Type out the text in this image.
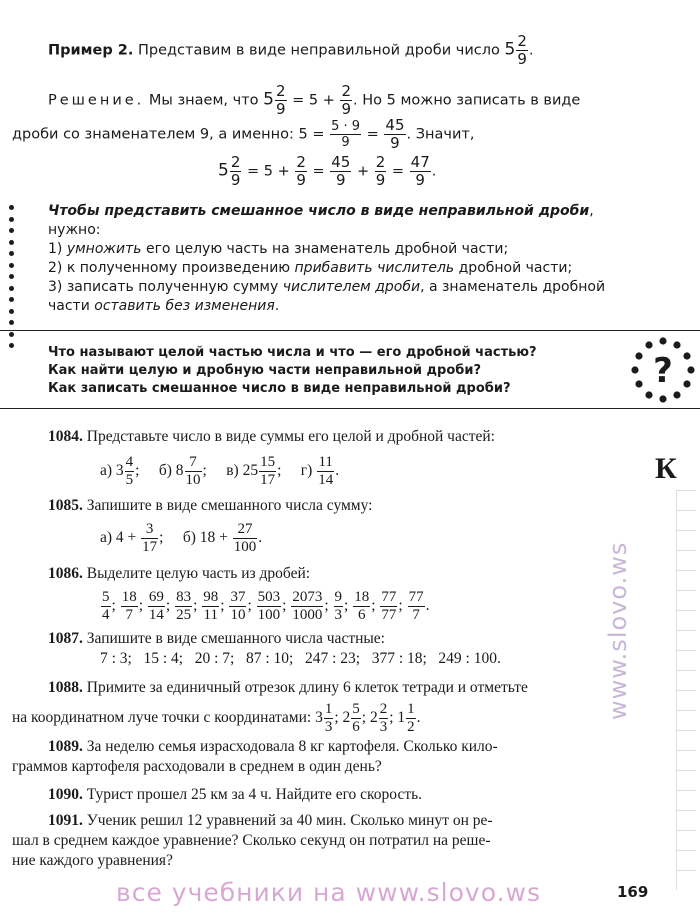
Пример 2. Представим в виде неправильной дроби число $5 \frac{2}{9}$ .
Решение. Мы знаем, что $5 \frac{2}{9} = 5 + \frac{2}{9}$ . Но 5 можно записать в виде
дроби со знаменателем 9, а именно: $5 = \frac{5 \cdot 9}{9} = \frac{45}{9}$ . Значит,
$5 \frac{2}{9} = 5 + \frac{2}{9} = \frac{45}{9} + \frac{2}{9} = \frac{47}{9}$ .
Чтобы представить смешанное число в виде неправильной дроби,
нужно:
1) умножить его целую часть на знаменатель дробной части;
2) к полученному произведению прибавить числитель дробной части;
3) записать полученную сумму числителем дроби, а знаменатель дробной
части оставить без изменения.
Что называют целой частью числа и что — его дробной частью?
Как найти целую и дробную части неправильной дроби?
Как записать смешанное число в виде неправильной дроби?	?
К
www.slovo.ws
1084. Представьте число в виде суммы его целой и дробной частей:
а) $3 \frac{4}{5}$ ;     б) $8 \frac{7}{10}$ ;     в) $25 \frac{15}{17}$ ;     $г) \frac{11}{14}$ .
1085. Запишите в виде смешанного числа сумму:
а) $4 + \frac{3}{17}$ ;     б) $18 + \frac{27}{100}$ .
1086. Выделите целую часть из дробей:
$\frac{5}{4}$ ; $\frac{18}{7}$ ; $\frac{69}{14}$ ; $\frac{83}{25}$ ; $\frac{98}{11}$ ; $\frac{37}{10}$ ; $\frac{503}{100}$ ; $\frac{2073}{1000}$ ; $\frac{9}{3}$ ; $\frac{18}{6}$ ; $\frac{77}{77}$ ; $\frac{77}{7}$ .
1087. Запишите в виде смешанного числа частные:
7 : 3;   15 : 4;   20 : 7;   87 : 10;   247 : 23;   377 : 18;   249 : 100.
1088. Примите за единичный отрезок длину 6 клеток тетради и отметьте
на координатном луче точки с координатами: $3 \frac{1}{3}$ ; $2 \frac{5}{6}$ ; $2 \frac{2}{3}$ ; $1 \frac{1}{2}$ .
1089. За неделю семья израсходовала 8 кг картофеля. Сколько кило-
граммов картофеля расходовали в среднем в один день?
1090. Турист прошел 25 км за 4 ч. Найдите его скорость.
1091. Ученик решил 12 уравнений за 40 мин. Сколько минут он ре-
шал в среднем каждое уравнение? Сколько секунд он потратил на реше-
ние каждого уравнения?
все учебники на www.slovo.ws	169
